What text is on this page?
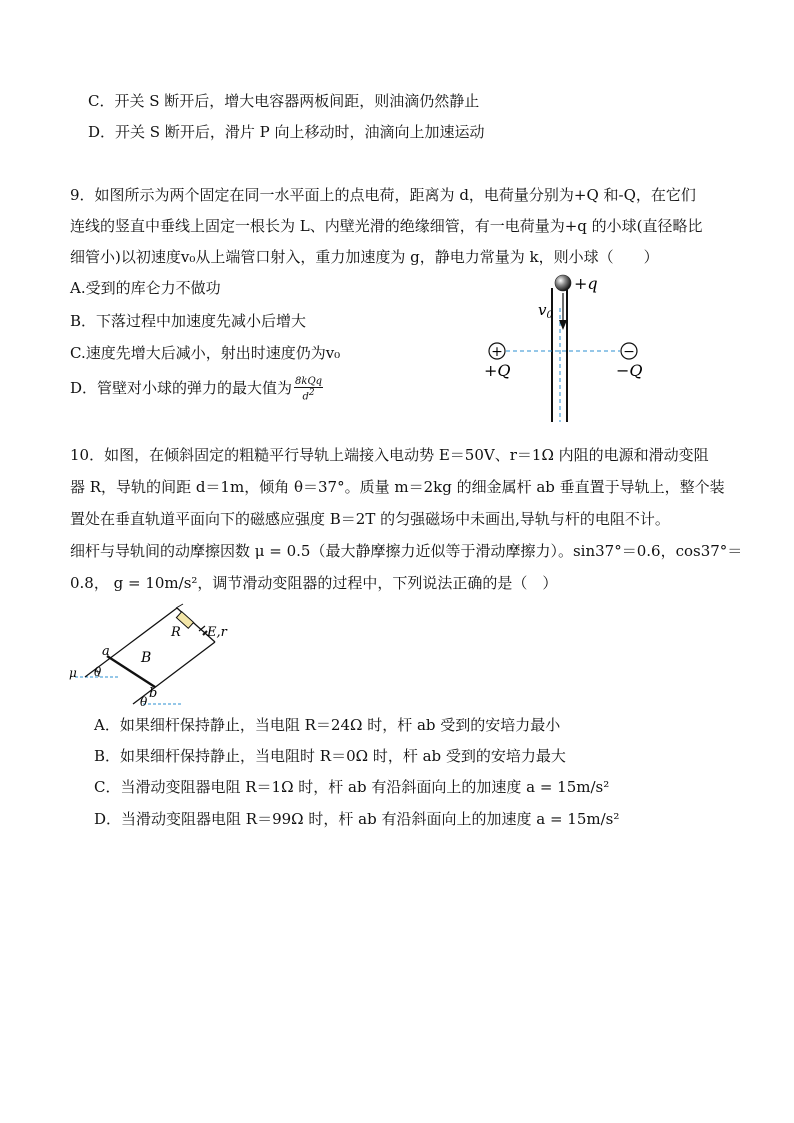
C．开关 S 断开后，增大电容器两板间距，则油滴仍然静止
D．开关 S 断开后，滑片 P 向上移动时，油滴向上加速运动
9．如图所示为两个固定在同一水平面上的点电荷，距离为 d，电荷量分别为+Q 和-Q，在它们
连线的竖直中垂线上固定一根长为 L、内壁光滑的绝缘细管，有一电荷量为+q 的小球(直径略比
细管小)以初速度v₀从上端管口射入，重力加速度为 g，静电力常量为 k，则小球（　　）
A.受到的库仑力不做功
B．下落过程中加速度先减小后增大
C.速度先增大后减小，射出时速度仍为v₀
D．管壁对小球的弹力的最大值为 $\frac{\text{8kQq}}{d^2}$
+q
$v_0$
+
+Q
−
−Q
10．如图，在倾斜固定的粗糙平行导轨上端接入电动势 E＝50V、r＝1Ω 内阻的电源和滑动变阻
器 R，导轨的间距 d＝1m，倾角 θ＝37°。质量 m＝2kg 的细金属杆 ab 垂直置于导轨上，整个装
置处在垂直轨道平面向下的磁感应强度 B＝2T 的匀强磁场中未画出,导轨与杆的电阻不计。
细杆与导轨间的动摩擦因数 μ = 0.5（最大静摩擦力近似等于滑动摩擦力）。sin37°＝0.6，cos37°＝
0.8， g = 10m/s²，调节滑动变阻器的过程中，下列说法正确的是（　）
R E,r
a
b
B
μ θ
θ
A．如果细杆保持静止，当电阻 R＝24Ω 时，杆 ab 受到的安培力最小
B．如果细杆保持静止，当电阻时 R＝0Ω 时，杆 ab 受到的安培力最大
C．当滑动变阻器电阻 R＝1Ω 时，杆 ab 有沿斜面向上的加速度 a = 15m/s²
D．当滑动变阻器电阻 R＝99Ω 时，杆 ab 有沿斜面向上的加速度 a = 15m/s²
